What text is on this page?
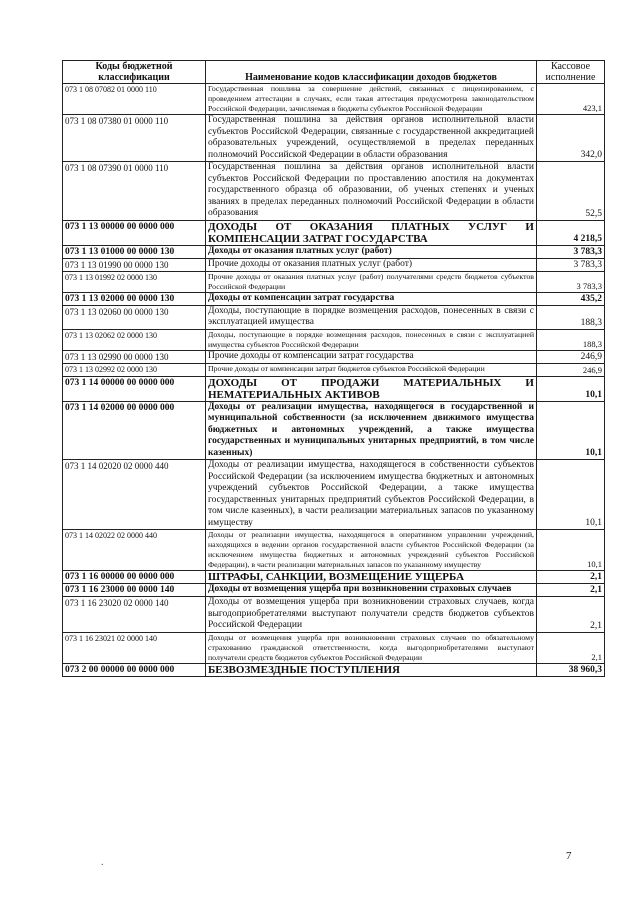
Коды бюджетной классификации	Наименование кодов классификации доходов бюджетов	Кассовое исполнение
073 1 08 07082 01 0000 110	Государственная пошлина за совершение действий, связанных с лицензированием, с проведением аттестации в случаях, если такая аттестация предусмотрена законодательством Российской Федерации, зачисляемая в бюджеты субъектов Российской Федерации	423,1
073 1 08 07380 01 0000 110	Государственная пошлина за действия органов исполнительной власти субъектов Российской Федерации, связанные с государственной аккредитацией образовательных учреждений, осуществляемой в пределах переданных полномочий Российской Федерации в области образования	342,0
073 1 08 07390 01 0000 110	Государственная пошлина за действия органов исполнительной власти субъектов Российской Федерации по проставлению апостиля на документах государственного образца об образовании, об ученых степенях и ученых званиях в пределах переданных полномочий Российской Федерации в области образования	52,5
073 1 13 00000 00 0000 000	ДОХОДЫ ОТ ОКАЗАНИЯ ПЛАТНЫХ УСЛУГ И КОМПЕНСАЦИИ ЗАТРАТ ГОСУДАРСТВА	4 218,5
073 1 13 01000 00 0000 130	Доходы от оказания платных услуг (работ)	3 783,3
073 1 13 01990 00 0000 130	Прочие доходы от оказания платных услуг (работ)	3 783,3
073 1 13 01992 02 0000 130	Прочие доходы от оказания платных услуг (работ) получателями средств бюджетов субъектов Российской Федерации	3 783,3
073 1 13 02000 00 0000 130	Доходы от компенсации затрат государства	435,2
073 1 13 02060 00 0000 130	Доходы, поступающие в порядке возмещения расходов, понесенных в связи с эксплуатацией имущества	188,3
073 1 13 02062 02 0000 130	Доходы, поступающие в порядке возмещения расходов, понесенных в связи с эксплуатацией имущества субъектов Российской Федерации	188,3
073 1 13 02990 00 0000 130	Прочие доходы от компенсации затрат государства	246,9
073 1 13 02992 02 0000 130	Прочие доходы от компенсации затрат бюджетов субъектов Российской Федерации	246,9
073 1 14 00000 00 0000 000	ДОХОДЫ ОТ ПРОДАЖИ МАТЕРИАЛЬНЫХ И НЕМАТЕРИАЛЬНЫХ АКТИВОВ	10,1
073 1 14 02000 00 0000 000	Доходы от реализации имущества, находящегося в государственной и муниципальной собственности (за исключением движимого имущества бюджетных и автономных учреждений, а также имущества государственных и муниципальных унитарных предприятий, в том числе казенных)	10,1
073 1 14 02020 02 0000 440	Доходы от реализации имущества, находящегося в собственности субъектов Российской Федерации (за исключением имущества бюджетных и автономных учреждений субъектов Российской Федерации, а также имущества государственных унитарных предприятий субъектов Российской Федерации, в том числе казенных), в части реализации материальных запасов по указанному имуществу	10,1
073 1 14 02022 02 0000 440	Доходы от реализации имущества, находящегося в оперативном управлении учреждений, находящихся в ведении органов государственной власти субъектов Российской Федерации (за исключением имущества бюджетных и автономных учреждений субъектов Российской Федерации), в части реализации материальных запасов по указанному имуществу	10,1
073 1 16 00000 00 0000 000	ШТРАФЫ, САНКЦИИ, ВОЗМЕЩЕНИЕ УЩЕРБА	2,1
073 1 16 23000 00 0000 140	Доходы от возмещения ущерба при возникновении страховых случаев	2,1
073 1 16 23020 02 0000 140	Доходы от возмещения ущерба при возникновении страховых случаев, когда выгодоприобретателями выступают получатели средств бюджетов субъектов Российской Федерации	2,1
073 1 16 23021 02 0000 140	Доходы от возмещения ущерба при возникновении страховых случаев по обязательному страхованию гражданской ответственности, когда выгодоприобретателями выступают получатели средств бюджетов субъектов Российской Федерации	2,1
073 2 00 00000 00 0000 000	БЕЗВОЗМЕЗДНЫЕ ПОСТУПЛЕНИЯ	38 960,3
.
7
